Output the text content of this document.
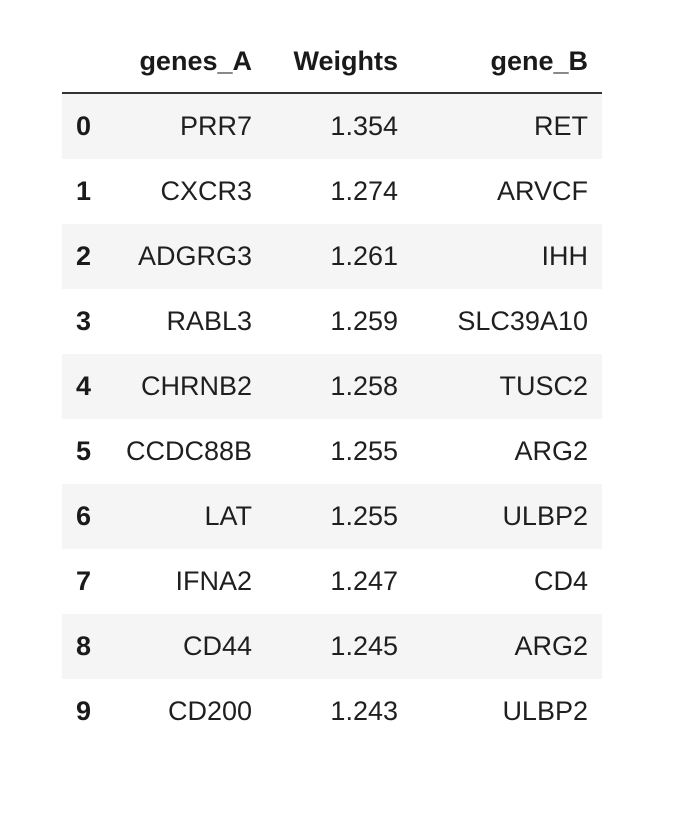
	genes_A	Weights	gene_B
0	PRR7	1.354	RET
1	CXCR3	1.274	ARVCF
2	ADGRG3	1.261	IHH
3	RABL3	1.259	SLC39A10
4	CHRNB2	1.258	TUSC2
5	CCDC88B	1.255	ARG2
6	LAT	1.255	ULBP2
7	IFNA2	1.247	CD4
8	CD44	1.245	ARG2
9	CD200	1.243	ULBP2
